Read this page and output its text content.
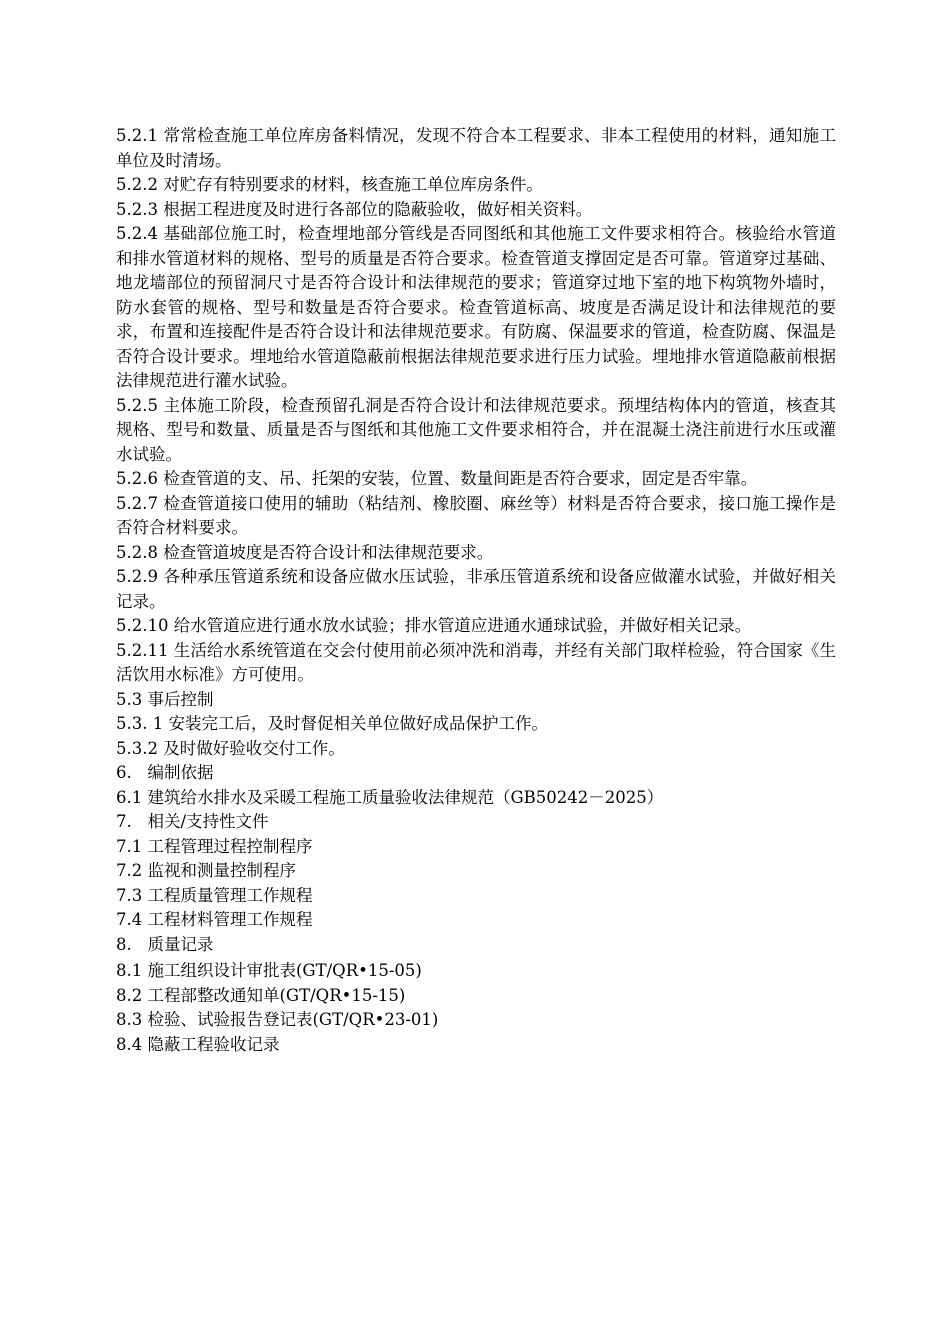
5.2.1 常常检查施工单位库房备料情况，发现不符合本工程要求、非本工程使用的材料，通知施工单位及时清场。

5.2.2 对贮存有特别要求的材料，核查施工单位库房条件。

5.2.3 根据工程进度及时进行各部位的隐蔽验收，做好相关资料。

5.2.4 基础部位施工时，检查埋地部分管线是否同图纸和其他施工文件要求相符合。核验给水管道和排水管道材料的规格、型号的质量是否符合要求。检查管道支撑固定是否可靠。管道穿过基础、地龙墙部位的预留洞尺寸是否符合设计和法律规范的要求；管道穿过地下室的地下构筑物外墙时，防水套管的规格、型号和数量是否符合要求。检查管道标高、坡度是否满足设计和法律规范的要求，布置和连接配件是否符合设计和法律规范要求。有防腐、保温要求的管道，检查防腐、保温是否符合设计要求。埋地给水管道隐蔽前根据法律规范要求进行压力试验。埋地排水管道隐蔽前根据法律规范进行灌水试验。

5.2.5 主体施工阶段，检查预留孔洞是否符合设计和法律规范要求。预埋结构体内的管道，核查其规格、型号和数量、质量是否与图纸和其他施工文件要求相符合，并在混凝土浇注前进行水压或灌水试验。

5.2.6 检查管道的支、吊、托架的安装，位置、数量间距是否符合要求，固定是否牢靠。

5.2.7 检查管道接口使用的辅助（粘结剂、橡胶圈、麻丝等）材料是否符合要求，接口施工操作是否符合材料要求。

5.2.8 检查管道坡度是否符合设计和法律规范要求。

5.2.9 各种承压管道系统和设备应做水压试验，非承压管道系统和设备应做灌水试验，并做好相关记录。

5.2.10 给水管道应进行通水放水试验；排水管道应进通水通球试验，并做好相关记录。

5.2.11 生活给水系统管道在交会付使用前必须冲洗和消毒，并经有关部门取样检验，符合国家《生活饮用水标准》方可使用。

5.3 事后控制

5.3. 1 安装完工后，及时督促相关单位做好成品保护工作。

5.3.2 及时做好验收交付工作。

6.   编制依据

6.1 建筑给水排水及采暖工程施工质量验收法律规范（GB50242－2025）

7.   相关/支持性文件

7.1 工程管理过程控制程序

7.2 监视和测量控制程序

7.3 工程质量管理工作规程

7.4 工程材料管理工作规程

8.   质量记录

8.1 施工组织设计审批表(GT/QR•15-05)

8.2 工程部整改通知单(GT/QR•15-15)

8.3 检验、试验报告登记表(GT/QR•23-01)

8.4 隐蔽工程验收记录
